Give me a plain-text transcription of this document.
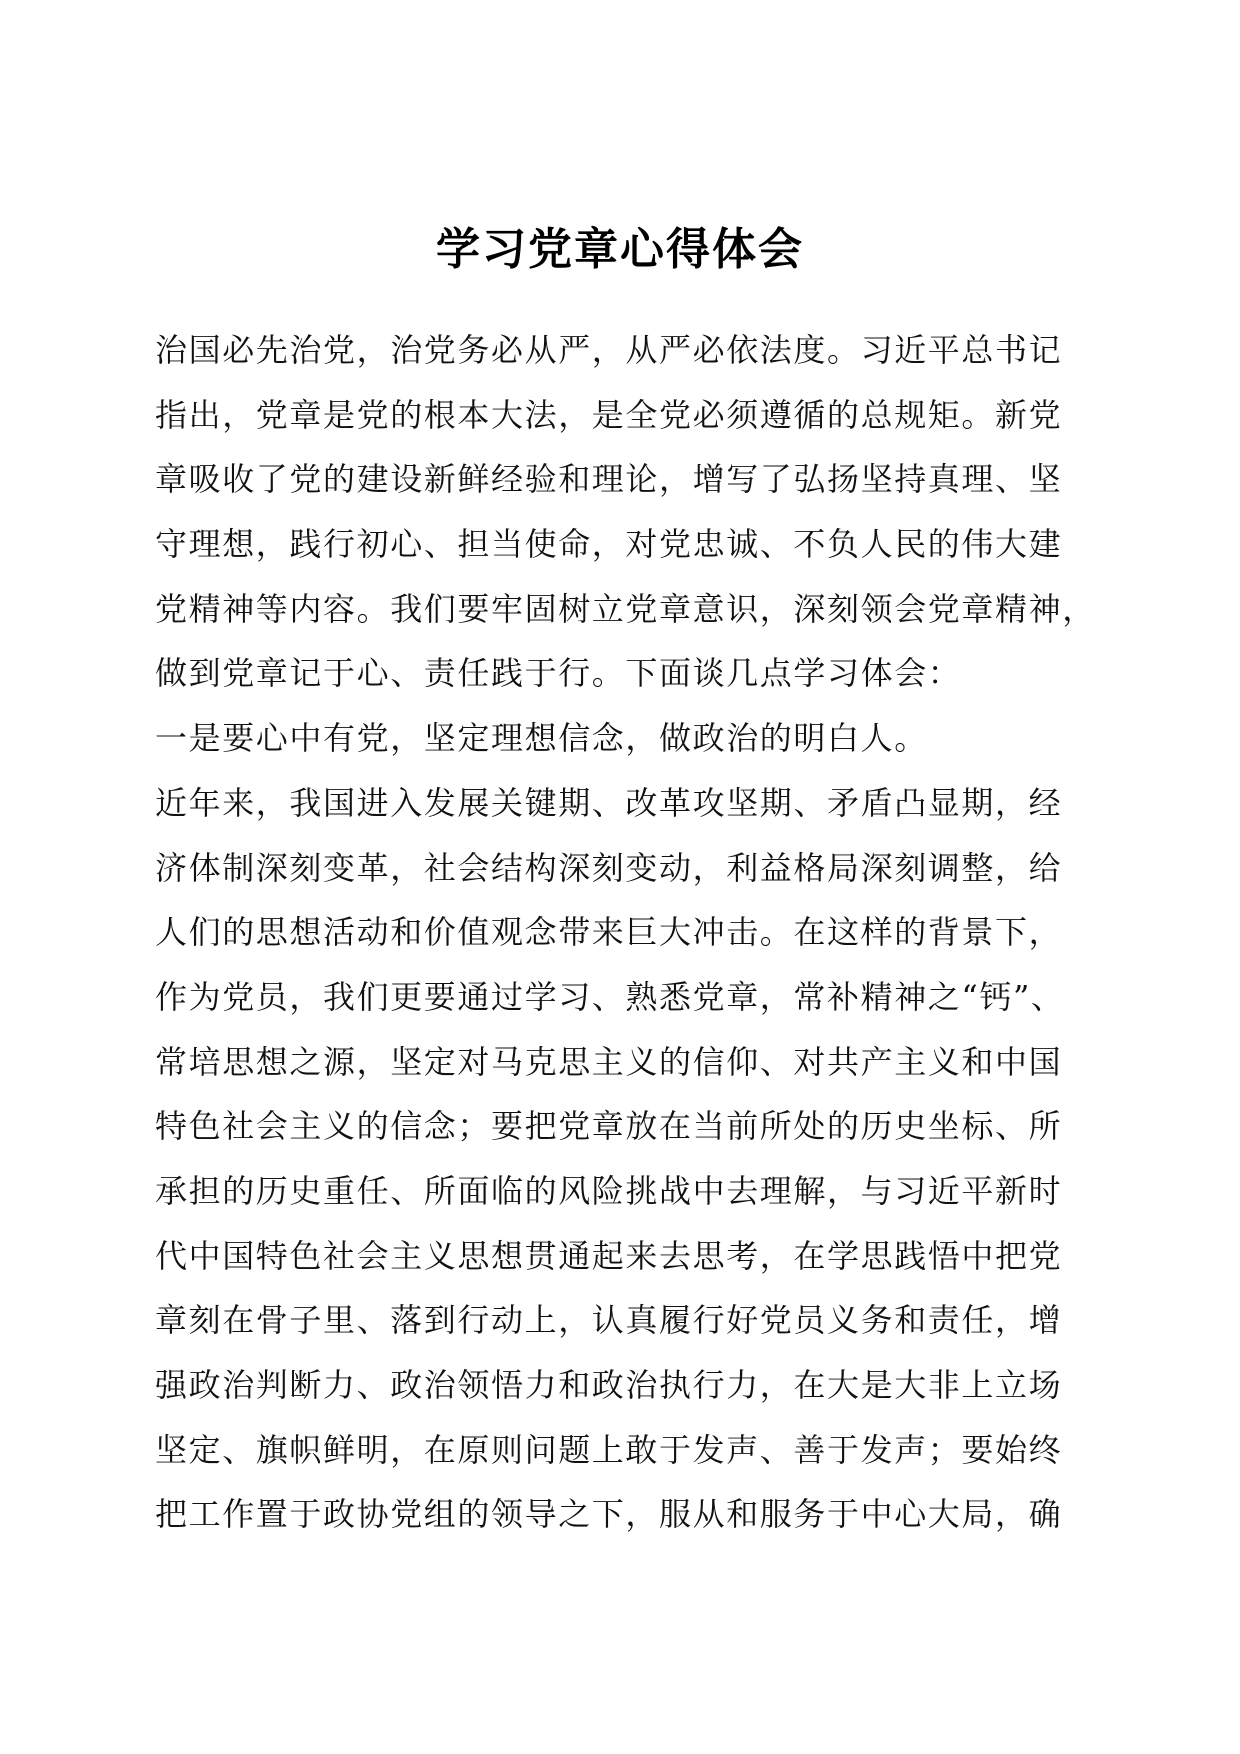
学习党章心得体会
治国必先治党，治党务必从严，从严必依法度。习近平总书记
指出，党章是党的根本大法，是全党必须遵循的总规矩。新党
章吸收了党的建设新鲜经验和理论，增写了弘扬坚持真理、坚
守理想，践行初心、担当使命，对党忠诚、不负人民的伟大建
党精神等内容。我们要牢固树立党章意识，深刻领会党章精神，
做到党章记于心、责任践于行。下面谈几点学习体会：
一是要心中有党，坚定理想信念，做政治的明白人。
近年来，我国进入发展关键期、改革攻坚期、矛盾凸显期，经
济体制深刻变革，社会结构深刻变动，利益格局深刻调整，给
人们的思想活动和价值观念带来巨大冲击。在这样的背景下，
作为党员，我们更要通过学习、熟悉党章，常补精神之“钙”、
常培思想之源，坚定对马克思主义的信仰、对共产主义和中国
特色社会主义的信念；要把党章放在当前所处的历史坐标、所
承担的历史重任、所面临的风险挑战中去理解，与习近平新时
代中国特色社会主义思想贯通起来去思考，在学思践悟中把党
章刻在骨子里、落到行动上，认真履行好党员义务和责任，增
强政治判断力、政治领悟力和政治执行力，在大是大非上立场
坚定、旗帜鲜明，在原则问题上敢于发声、善于发声；要始终
把工作置于政协党组的领导之下，服从和服务于中心大局，确
